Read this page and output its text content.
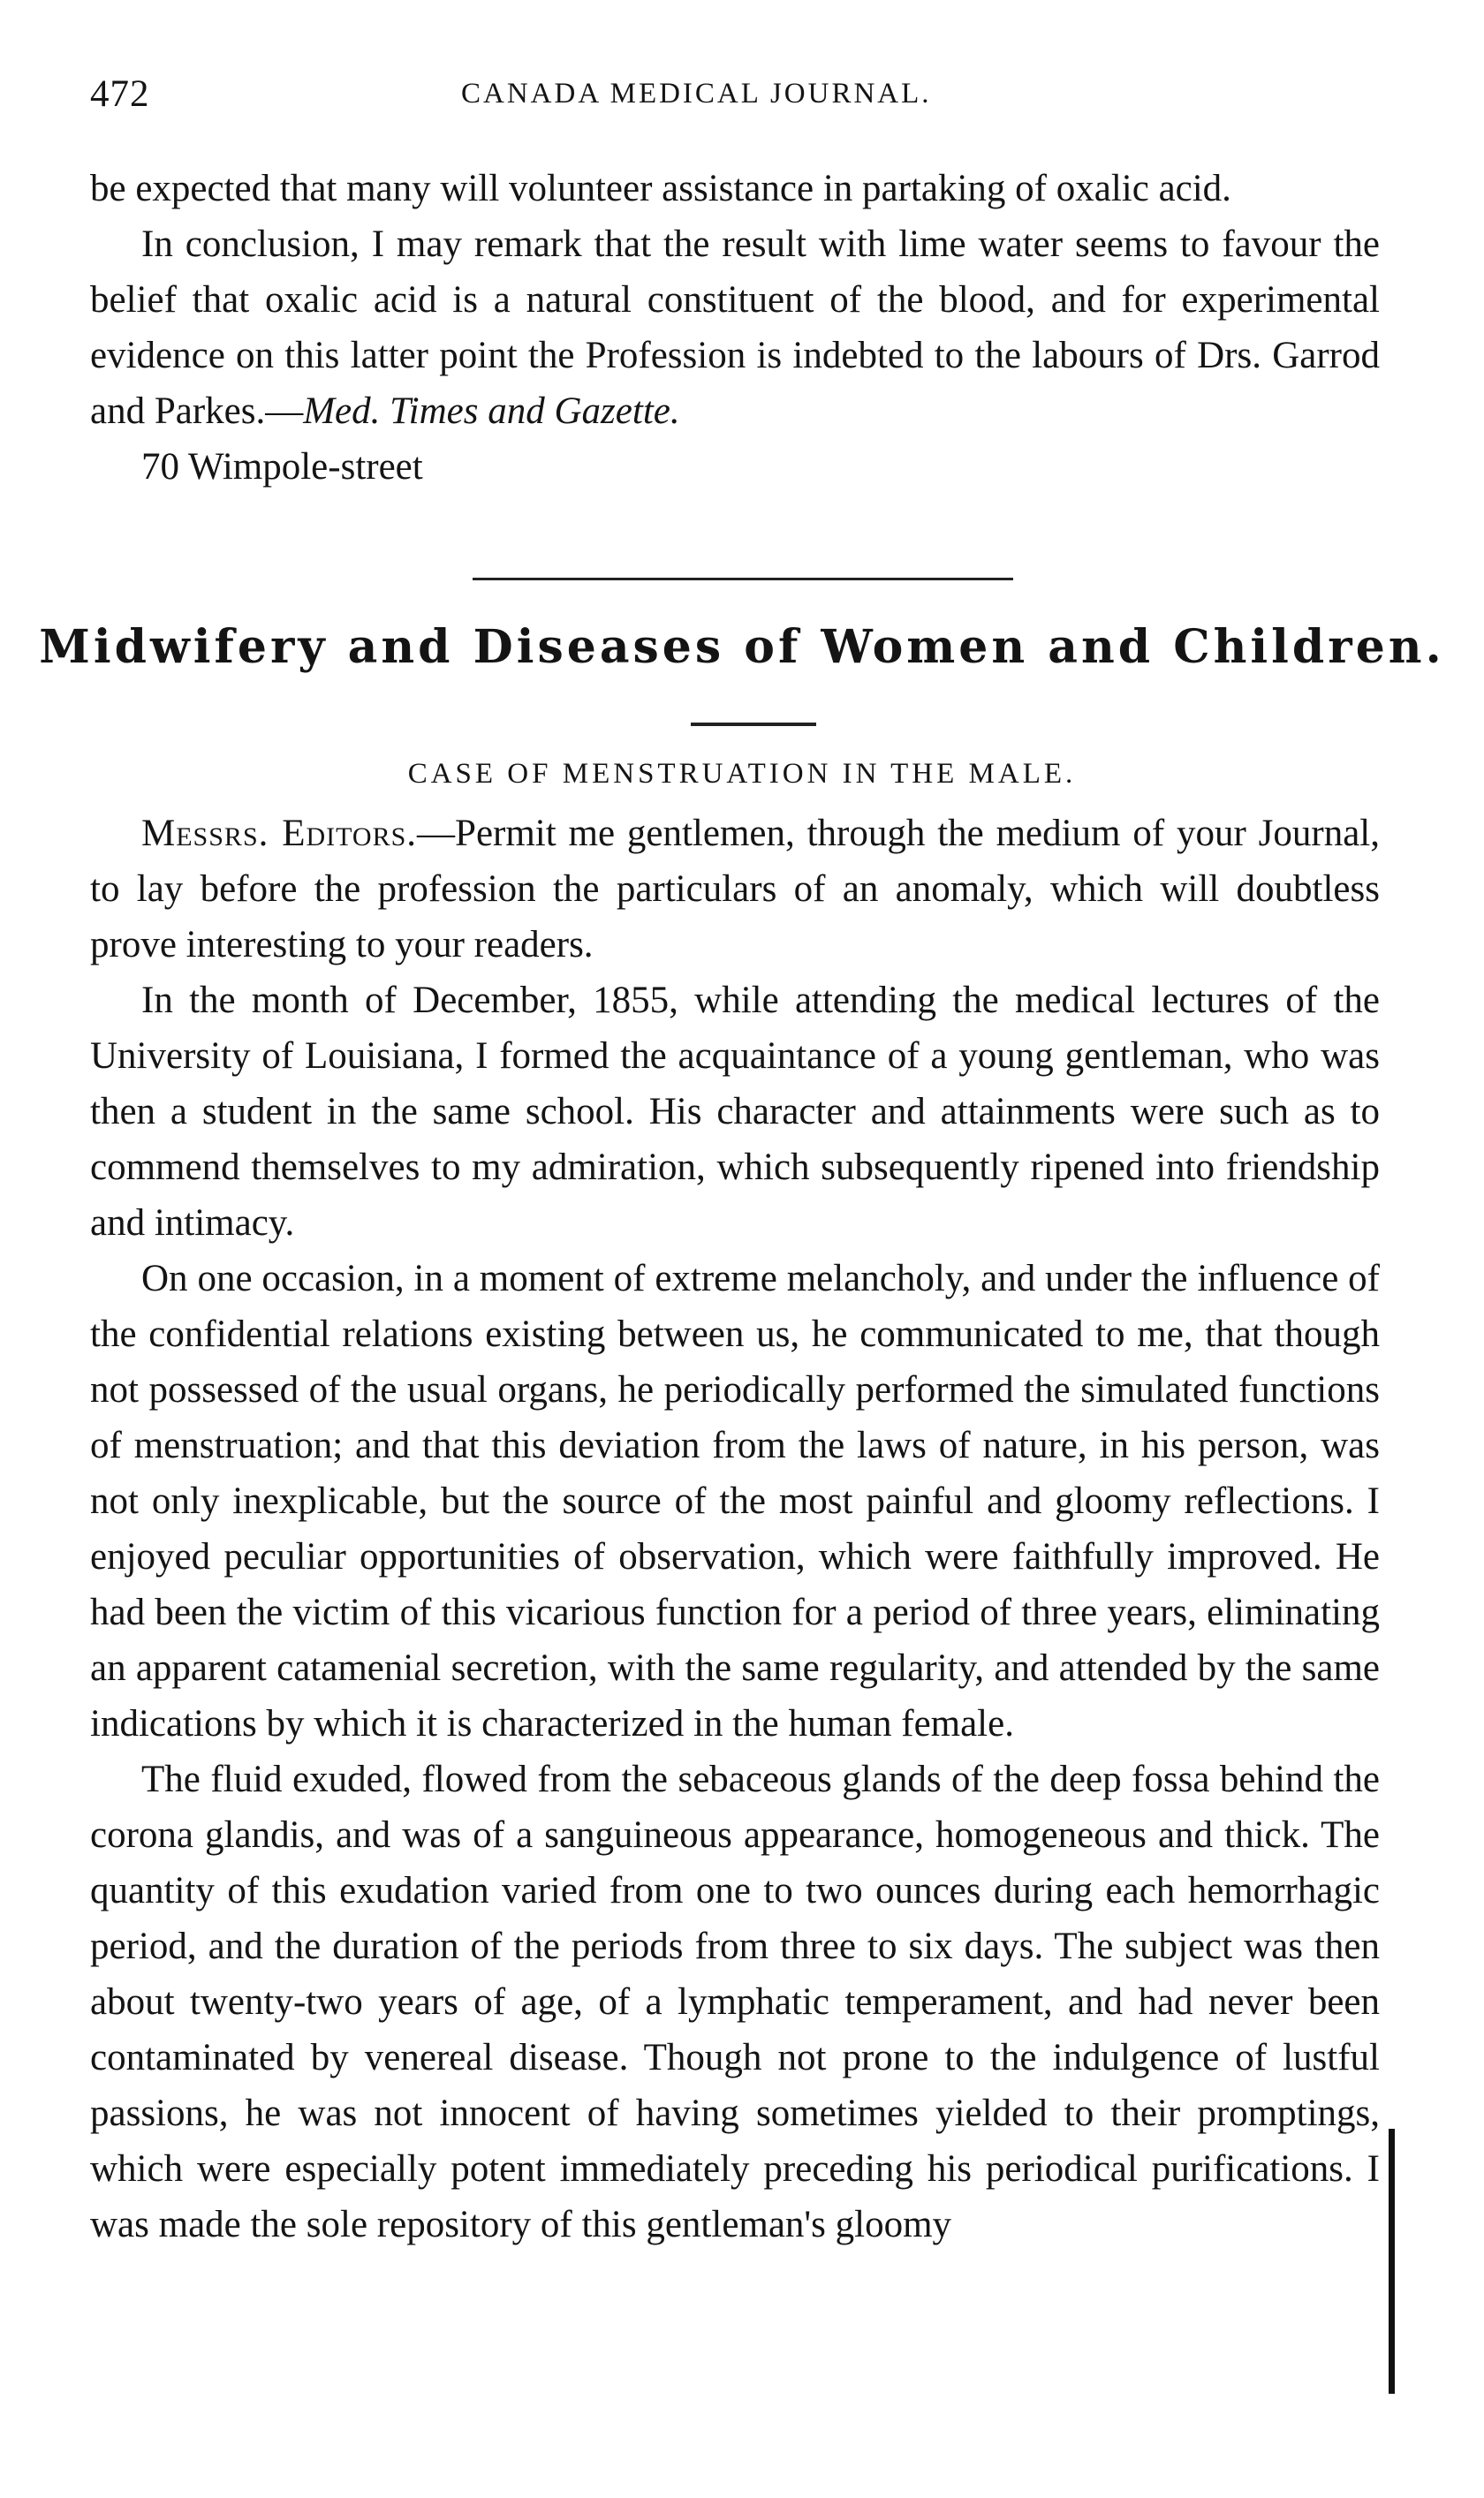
472	CANADA MEDICAL JOURNAL.

be expected that many will volunteer assistance in partaking of oxalic acid.

In conclusion, I may remark that the result with lime water seems to favour the belief that oxalic acid is a natural constituent of the blood, and for experimental evidence on this latter point the Profession is indebted to the labours of Drs. Garrod and Parkes.—Med. Times and Gazette.

70 Wimpole-street

Midwifery and Diseases of Women and Children.
CASE OF MENSTRUATION IN THE MALE.

Messrs. Editors.—Permit me gentlemen, through the medium of your Journal, to lay before the profession the particulars of an anomaly, which will doubtless prove interesting to your readers.

In the month of December, 1855, while attending the medical lectures of the University of Louisiana, I formed the acquaintance of a young gentleman, who was then a student in the same school. His character and attainments were such as to commend themselves to my admiration, which subsequently ripened into friendship and intimacy.

On one occasion, in a moment of extreme melancholy, and under the influence of the confidential relations existing between us, he communicated to me, that though not possessed of the usual organs, he periodically performed the simulated functions of menstruation; and that this deviation from the laws of nature, in his person, was not only inexplicable, but the source of the most painful and gloomy reflections. I enjoyed peculiar opportunities of observation, which were faithfully improved. He had been the victim of this vicarious function for a period of three years, eliminating an apparent catamenial secretion, with the same regularity, and attended by the same indications by which it is characterized in the human female.

The fluid exuded, flowed from the sebaceous glands of the deep fossa behind the corona glandis, and was of a sanguineous appearance, homogeneous and thick. The quantity of this exudation varied from one to two ounces during each hemorrhagic period, and the duration of the periods from three to six days. The subject was then about twenty-two years of age, of a lymphatic temperament, and had never been contaminated by venereal disease. Though not prone to the indulgence of lustful passions, he was not innocent of having sometimes yielded to their promptings, which were especially potent immediately preceding his periodical purifications. I was made the sole repository of this gentleman's gloomy
